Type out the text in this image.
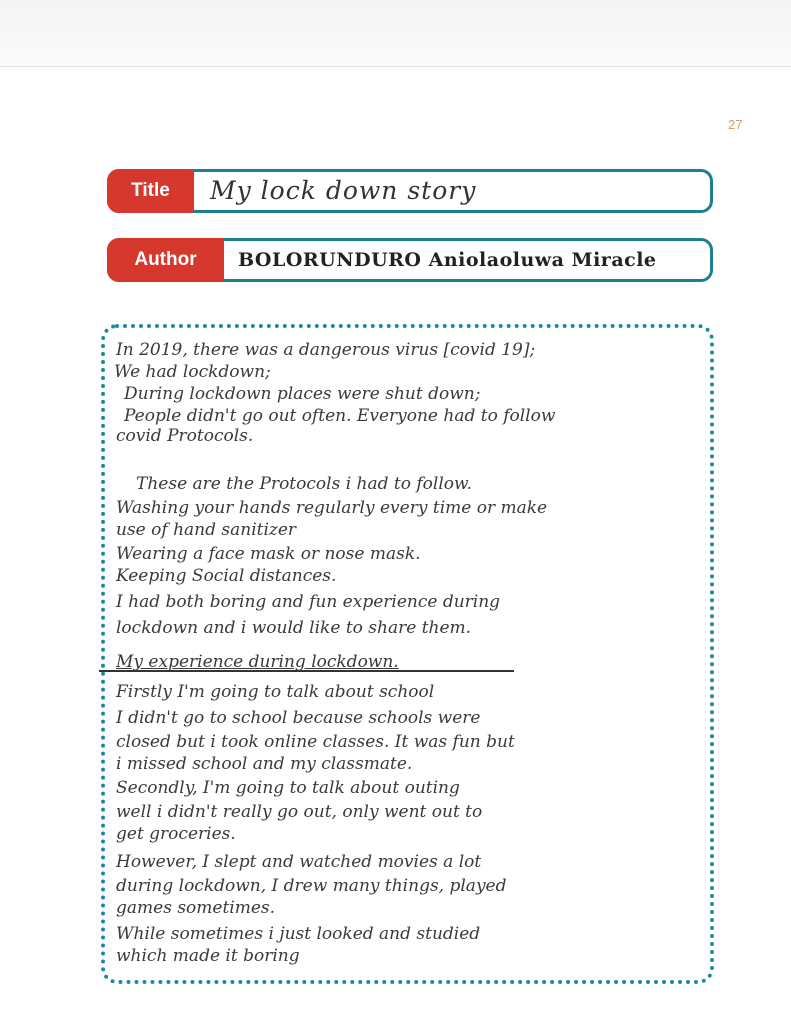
27
Title	My lock down story
Author	BOLORUNDURO Aniolaoluwa Miracle
In 2019, there was a dangerous virus [covid 19];
We had lockdown;
During lockdown places were shut down;
People didn't go out often. Everyone had to follow
covid Protocols.
These are the Protocols i had to follow.
Washing your hands regularly every time or make
use of hand sanitizer
Wearing a face mask or nose mask.
Keeping Social distances.
I had both boring and fun experience during
lockdown and i would like to share them.
My experience during lockdown.
Firstly I'm going to talk about school
I didn't go to school because schools were
closed but i took online classes. It was fun but
i missed school and my classmate.
Secondly, I'm going to talk about outing
well i didn't really go out, only went out to
get groceries.
However, I slept and watched movies a lot
during lockdown, I drew many things, played
games sometimes.
While sometimes i just looked and studied
which made it boring
